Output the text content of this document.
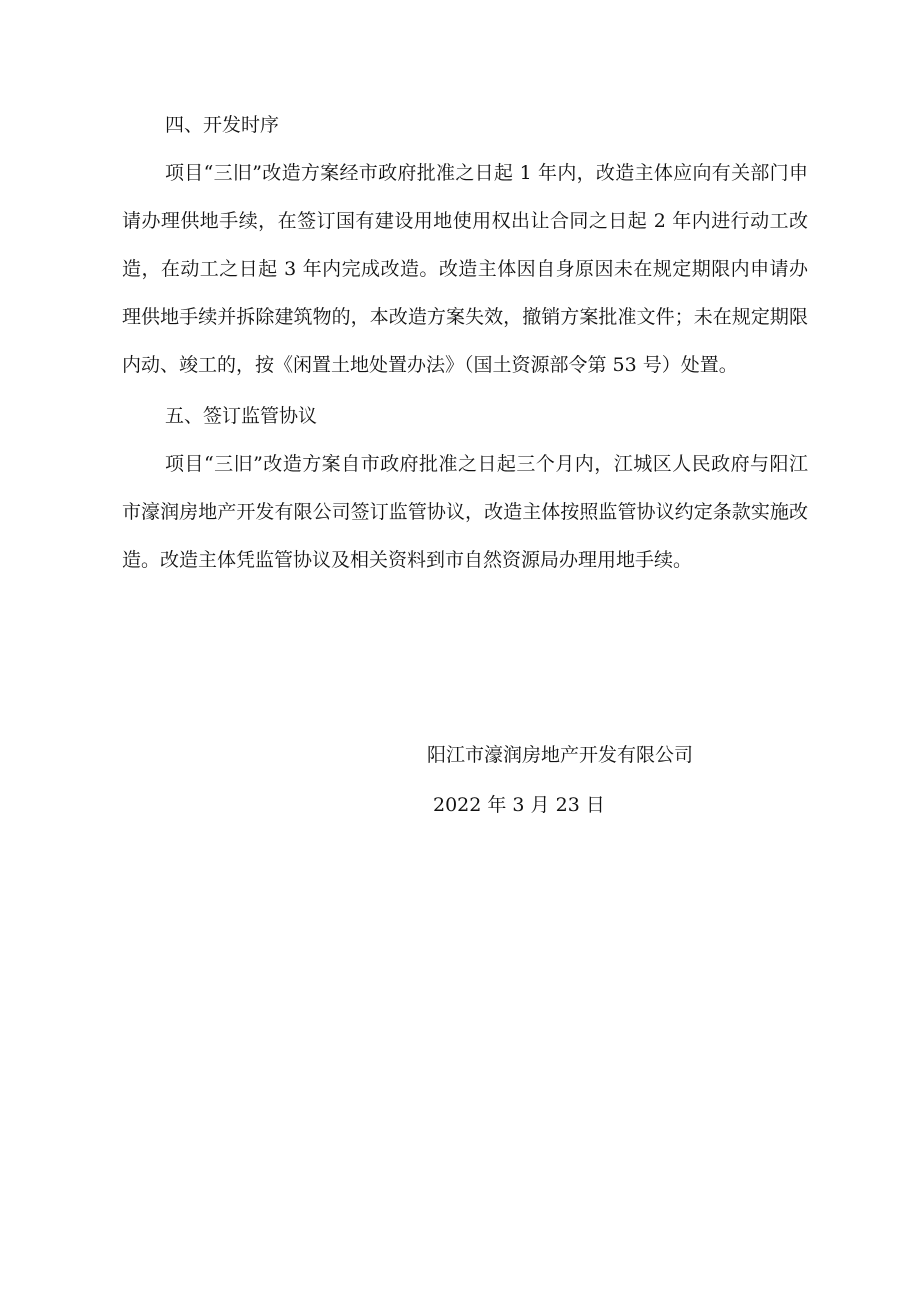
四、开发时序

项目“三旧”改造方案经市政府批准之日起 1 年内，改造主体应向有关部门申请办理供地手续，在签订国有建设用地使用权出让合同之日起 2 年内进行动工改造，在动工之日起 3 年内完成改造。改造主体因自身原因未在规定期限内申请办理供地手续并拆除建筑物的，本改造方案失效，撤销方案批准文件；未在规定期限内动、竣工的，按《闲置土地处置办法》（国土资源部令第 53 号）处置。

五、签订监管协议

项目“三旧”改造方案自市政府批准之日起三个月内，江城区人民政府与阳江市濠润房地产开发有限公司签订监管协议，改造主体按照监管协议约定条款实施改造。改造主体凭监管协议及相关资料到市自然资源局办理用地手续。

阳江市濠润房地产开发有限公司
2022 年 3 月 23 日
